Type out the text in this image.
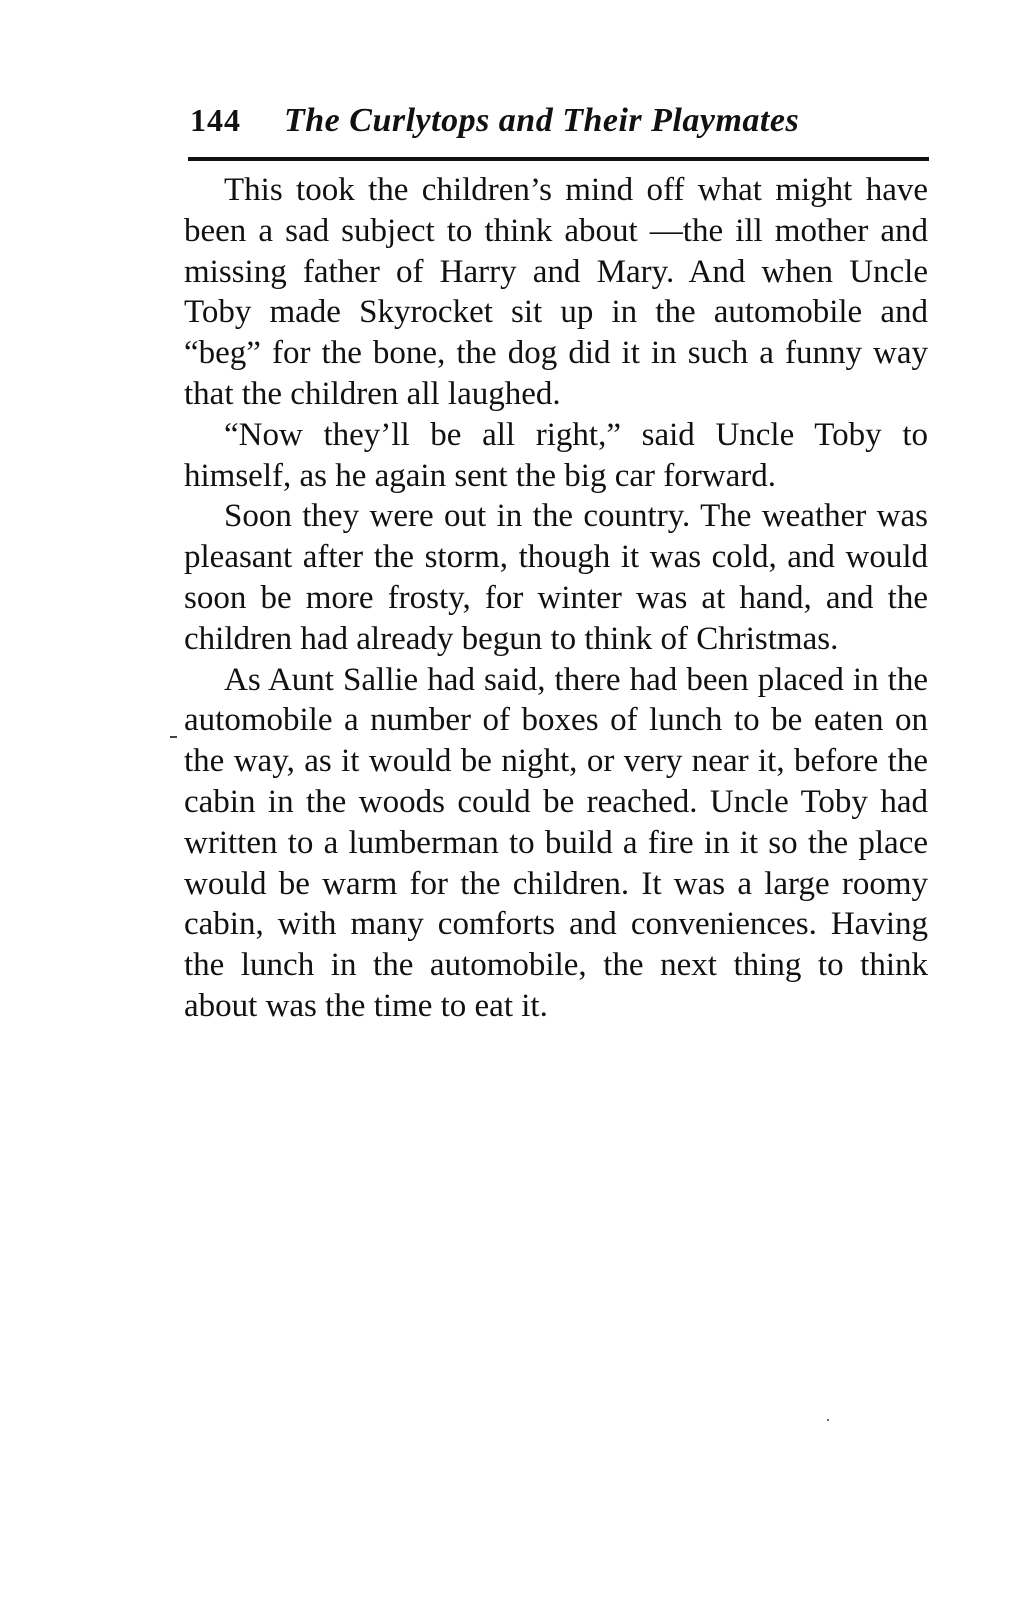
144 The Curlytops and Their Playmates

This took the children’s mind off what might have been a sad subject to think about —the ill mother and missing father of Harry and Mary. And when Uncle Toby made Skyrocket sit up in the automobile and “beg” for the bone, the dog did it in such a funny way that the children all laughed.

“Now they’ll be all right,” said Uncle Toby to himself, as he again sent the big car forward.

Soon they were out in the country. The weather was pleasant after the storm, though it was cold, and would soon be more frosty, for winter was at hand, and the children had already begun to think of Christmas.

As Aunt Sallie had said, there had been placed in the automobile a number of boxes of lunch to be eaten on the way, as it would be night, or very near it, before the cabin in the woods could be reached. Uncle Toby had written to a lumberman to build a fire in it so the place would be warm for the children. It was a large roomy cabin, with many comforts and conveniences. Having the lunch in the automobile, the next thing to think about was the time to eat it.
